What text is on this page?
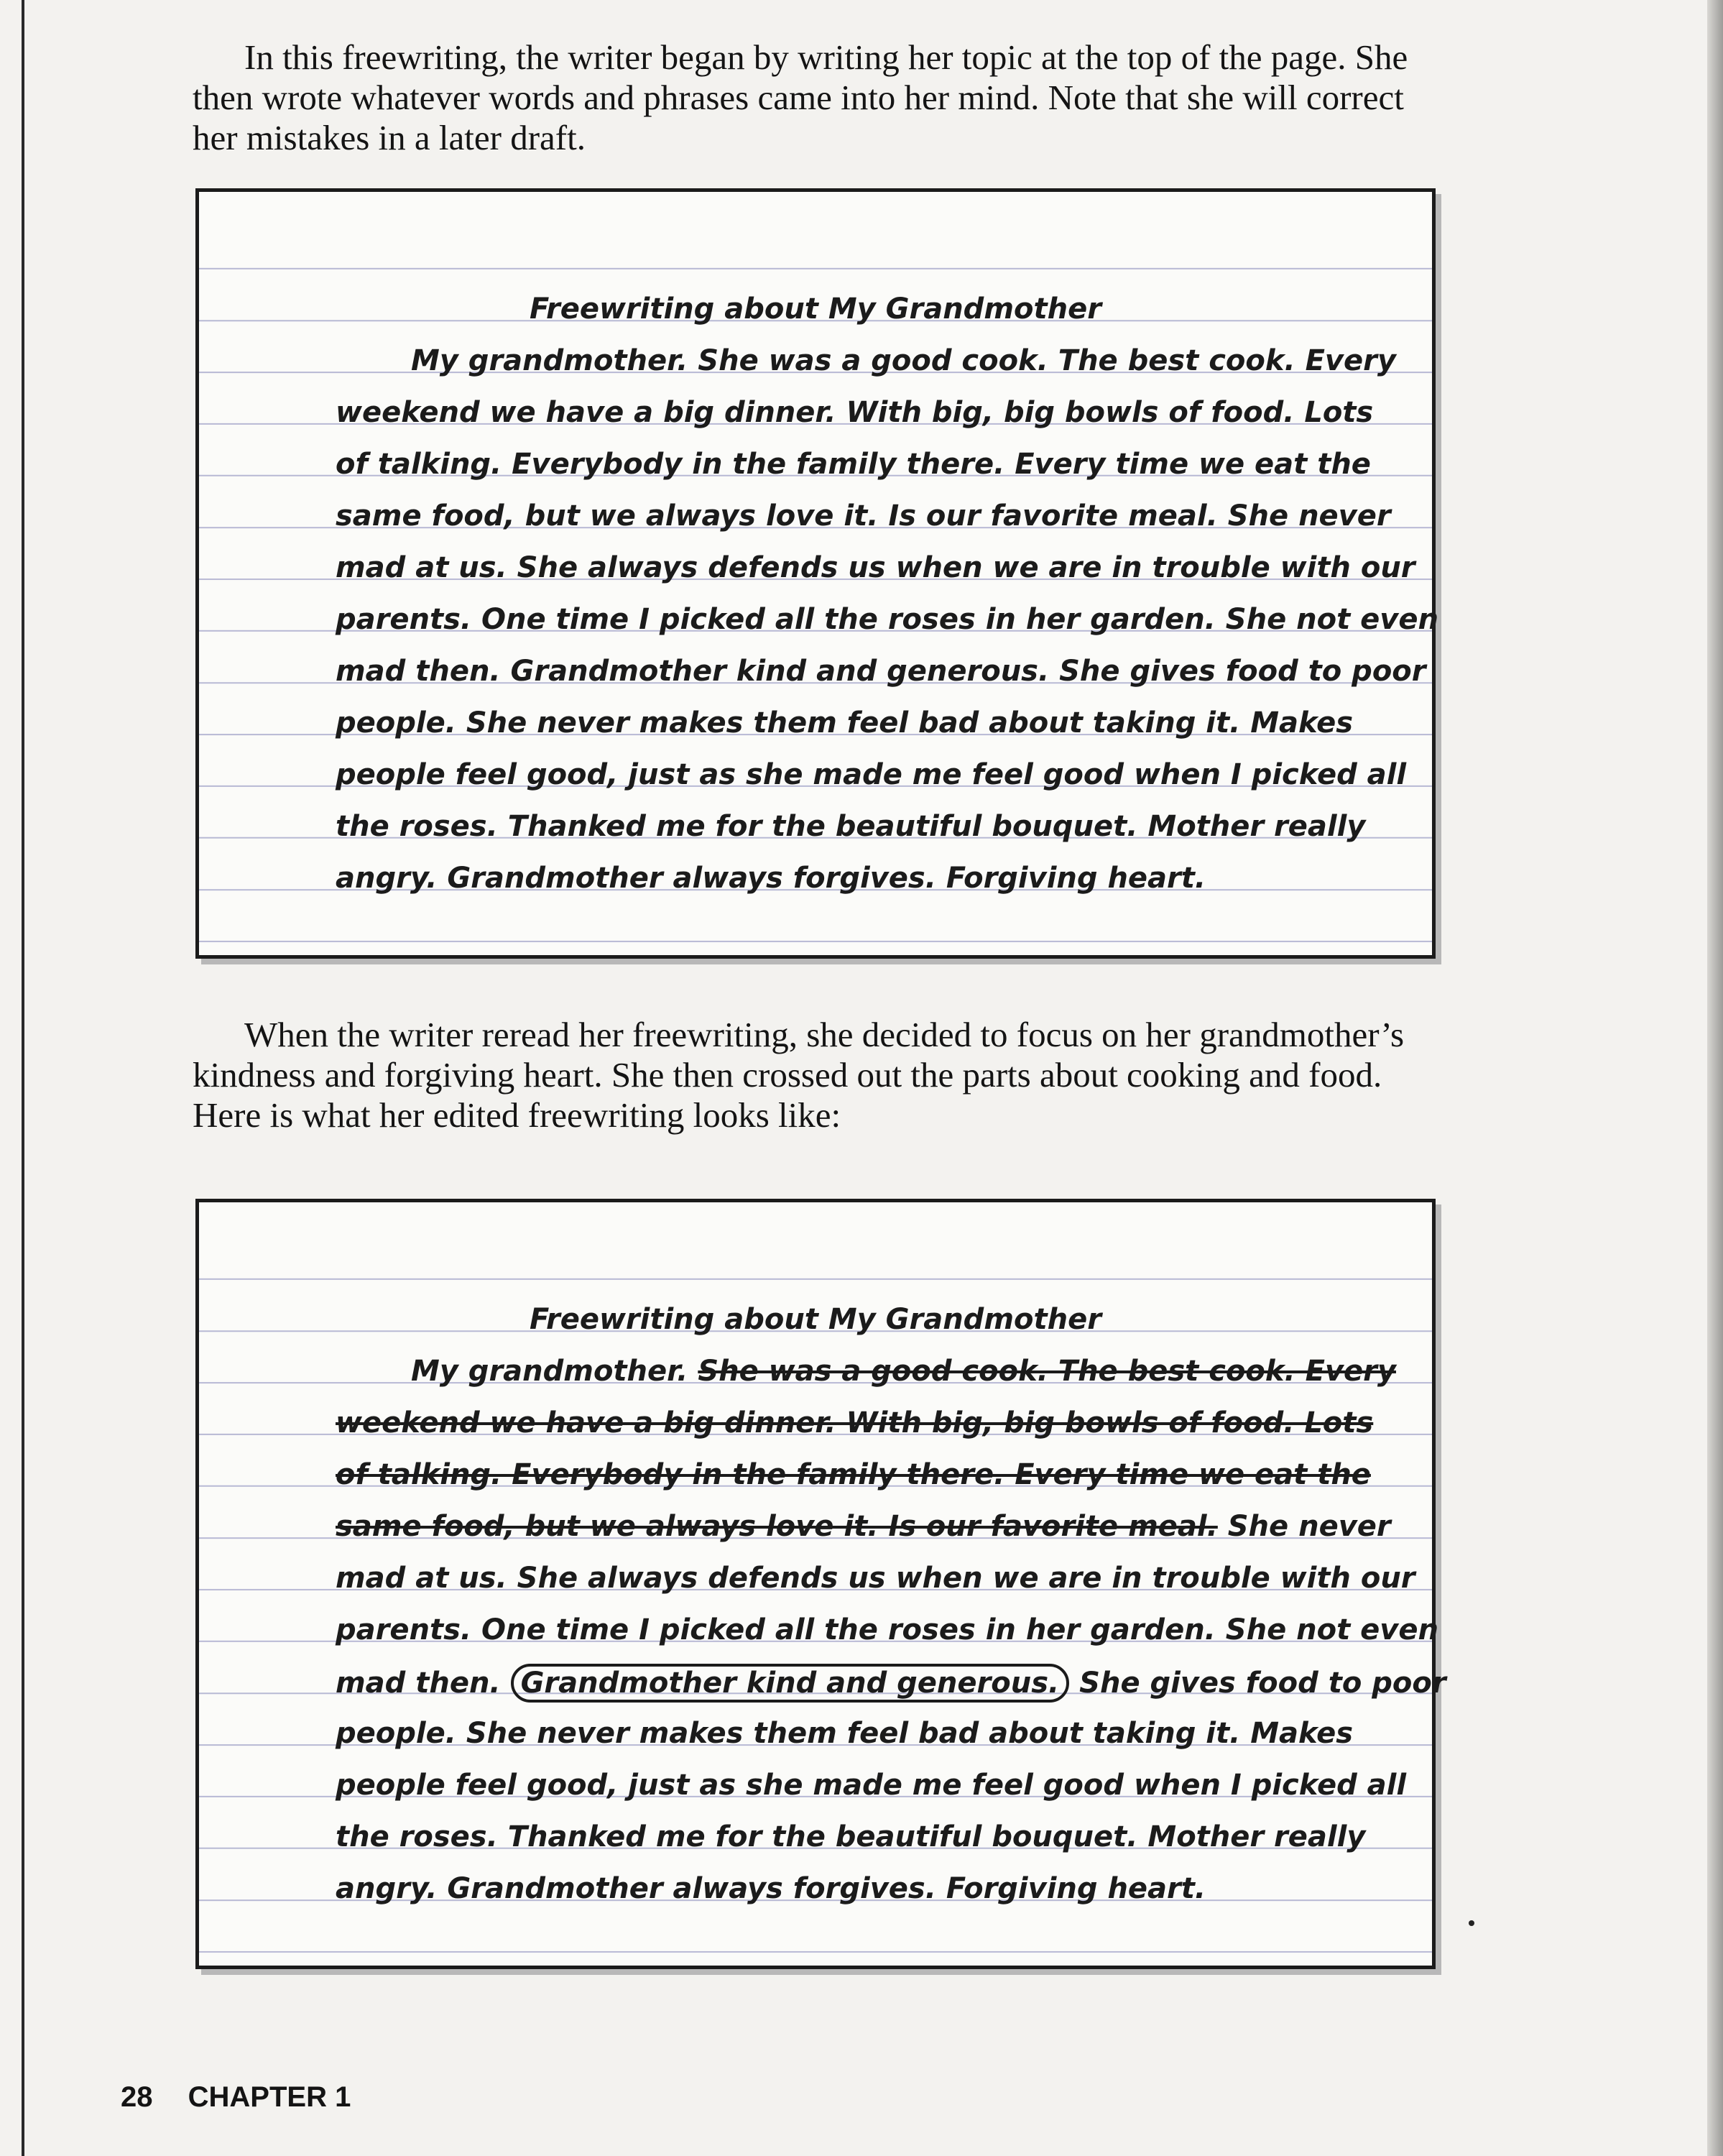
In this freewriting, the writer began by writing her topic at the top of the page. She then wrote whatever words and phrases came into her mind. Note that she will correct her mistakes in a later draft.

Freewriting about My Grandmother
My grandmother. She was a good cook. The best cook. Every
weekend we have a big dinner. With big, big bowls of food. Lots
of talking. Everybody in the family there. Every time we eat the
same food, but we always love it. Is our favorite meal. She never
mad at us. She always defends us when we are in trouble with our
parents. One time I picked all the roses in her garden. She not even
mad then. Grandmother kind and generous. She gives food to poor
people. She never makes them feel bad about taking it. Makes
people feel good, just as she made me feel good when I picked all
the roses. Thanked me for the beautiful bouquet. Mother really
angry. Grandmother always forgives. Forgiving heart.

When the writer reread her freewriting, she decided to focus on her grandmother’s kindness and forgiving heart. She then crossed out the parts about cooking and food. Here is what her edited freewriting looks like:

Freewriting about My Grandmother
My grandmother. She was a good cook. The best cook. Every
weekend we have a big dinner. With big, big bowls of food. Lots
of talking. Everybody in the family there. Every time we eat the
same food, but we always love it. Is our favorite meal. She never
mad at us. She always defends us when we are in trouble with our
parents. One time I picked all the roses in her garden. She not even
mad then. Grandmother kind and generous. She gives food to poor
people. She never makes them feel bad about taking it. Makes
people feel good, just as she made me feel good when I picked all
the roses. Thanked me for the beautiful bouquet. Mother really
angry. Grandmother always forgives. Forgiving heart.
28 CHAPTER 1
